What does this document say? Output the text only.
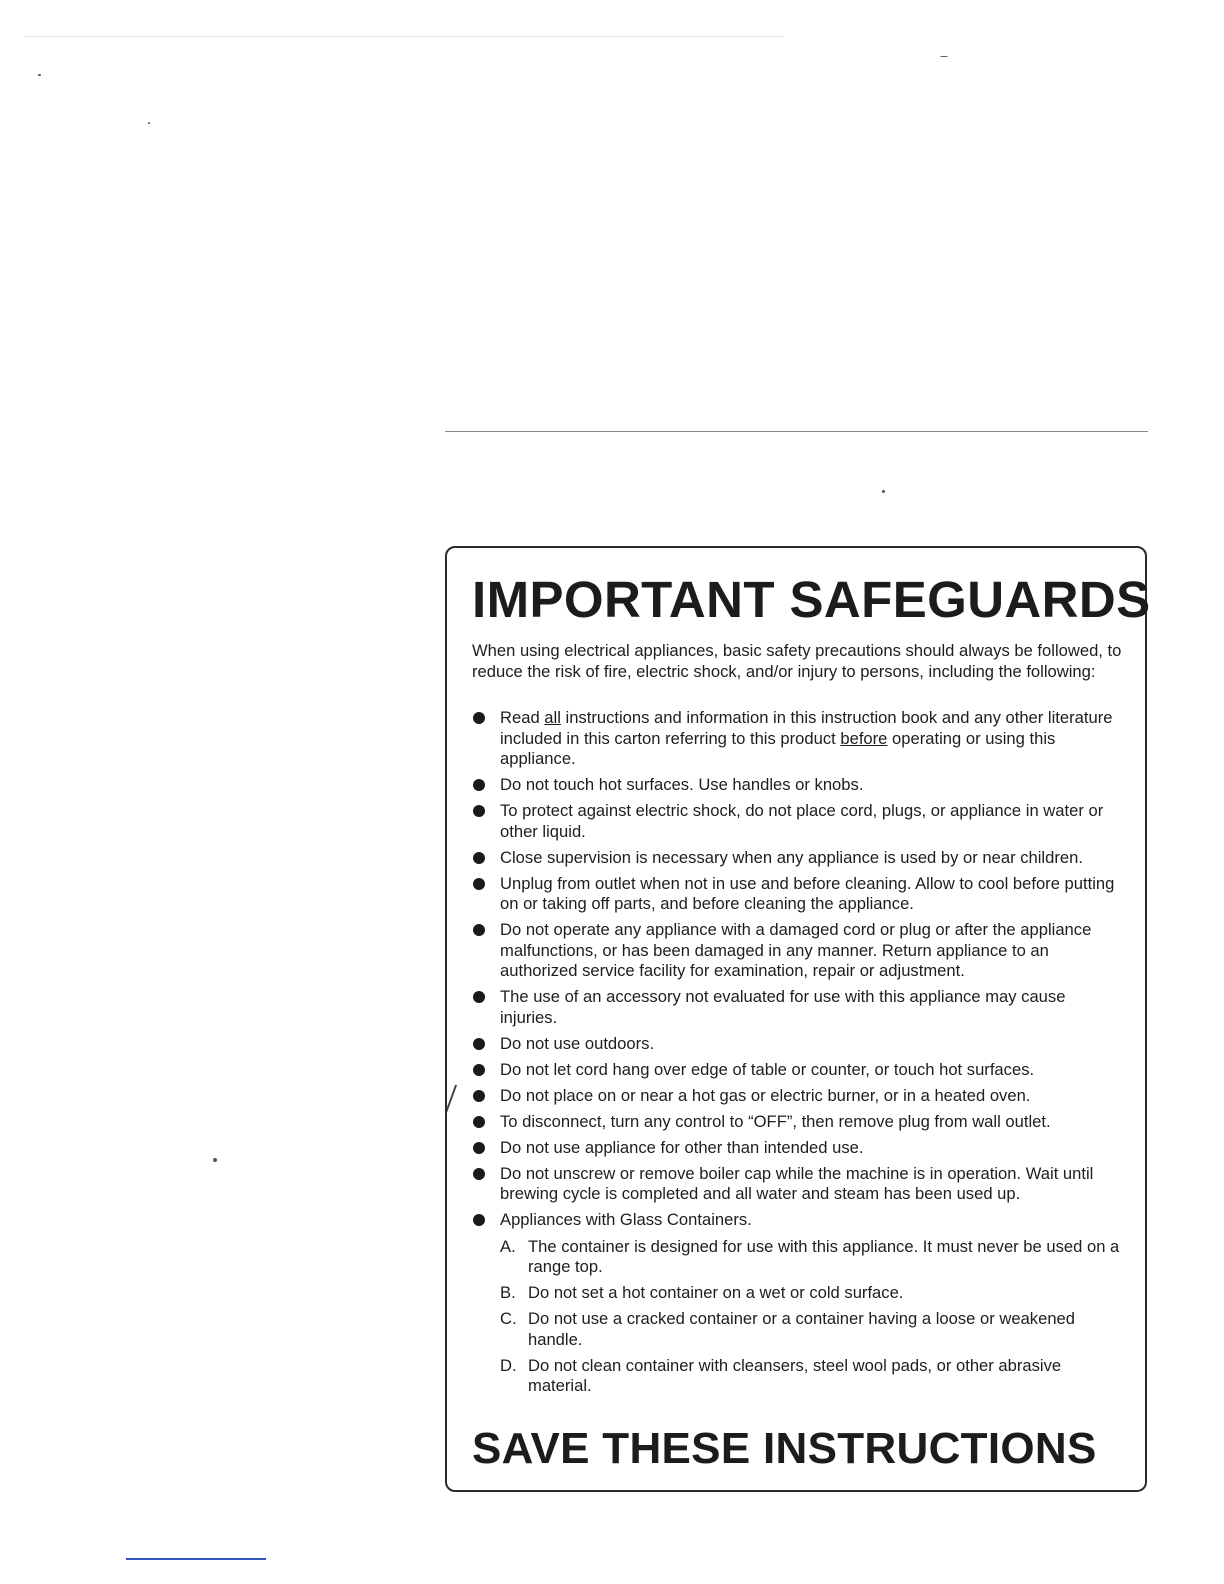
IMPORTANT SAFEGUARDS

When using electrical appliances, basic safety precautions should always be followed, to reduce the risk of fire, electric shock, and/or injury to persons, including the following:

Read all instructions and information in this instruction book and any other literature included in this carton referring to this product before operating or using this appliance.
Do not touch hot surfaces. Use handles or knobs.
To protect against electric shock, do not place cord, plugs, or appliance in water or other liquid.
Close supervision is necessary when any appliance is used by or near children.
Unplug from outlet when not in use and before cleaning. Allow to cool before putting on or taking off parts, and before cleaning the appliance.
Do not operate any appliance with a damaged cord or plug or after the appliance malfunctions, or has been damaged in any manner. Return appliance to an authorized service facility for examination, repair or adjustment.
The use of an accessory not evaluated for use with this appliance may cause injuries.
Do not use outdoors.
Do not let cord hang over edge of table or counter, or touch hot surfaces.
Do not place on or near a hot gas or electric burner, or in a heated oven.
To disconnect, turn any control to “OFF”, then remove plug from wall outlet.
Do not use appliance for other than intended use.
Do not unscrew or remove boiler cap while the machine is in operation. Wait until brewing cycle is completed and all water and steam has been used up.
Appliances with Glass Containers.
A. The container is designed for use with this appliance. It must never be used on a range top.
B. Do not set a hot container on a wet or cold surface.
C. Do not use a cracked container or a container having a loose or weakened handle.
D. Do not clean container with cleansers, steel wool pads, or other abrasive material.
SAVE THESE INSTRUCTIONS
